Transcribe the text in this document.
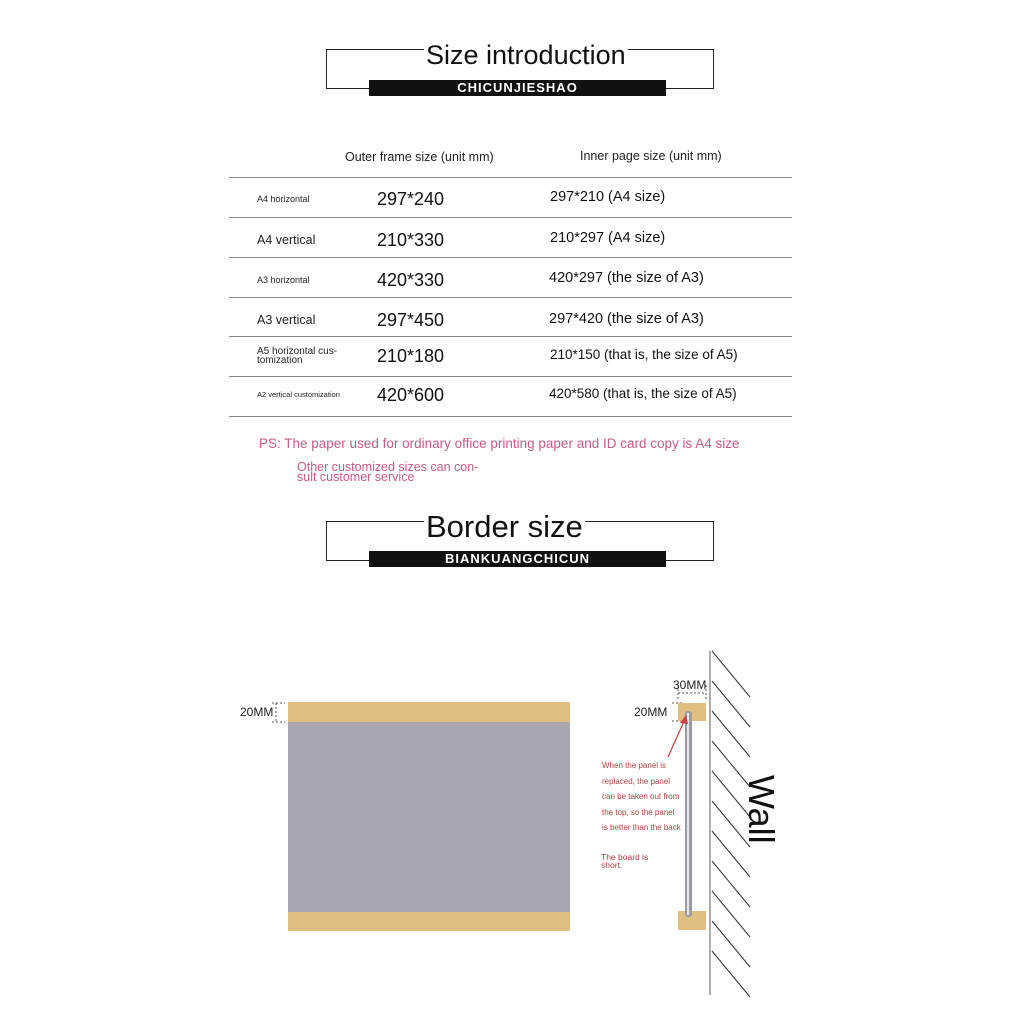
Size introduction
CHICUNJIESHAO
Outer frame size (unit mm)	Inner page size (unit mm)
A4 horizontal	297*240	297*210 (A4 size)
A4 vertical	210*330	210*297 (A4 size)
A3 horizontal	420*330	420*297 (the size of A3)
A3 vertical	297*450	297*420 (the size of A3)
A5 horizontal cus- tomization	210*180	210*150 (that is, the size of A5)
A2 vertical customization 420*600	420*580 (that is, the size of A5)
PS: The paper used for ordinary office printing paper and ID card copy is A4 size
Other customized sizes can con- sult customer service
Border size
BIANKUANGCHICUN
20MM
30MM
20MM
When the panel is replaced, the panel can be taken out from the top, so the panel is better than the back
The board is short.
Wall
